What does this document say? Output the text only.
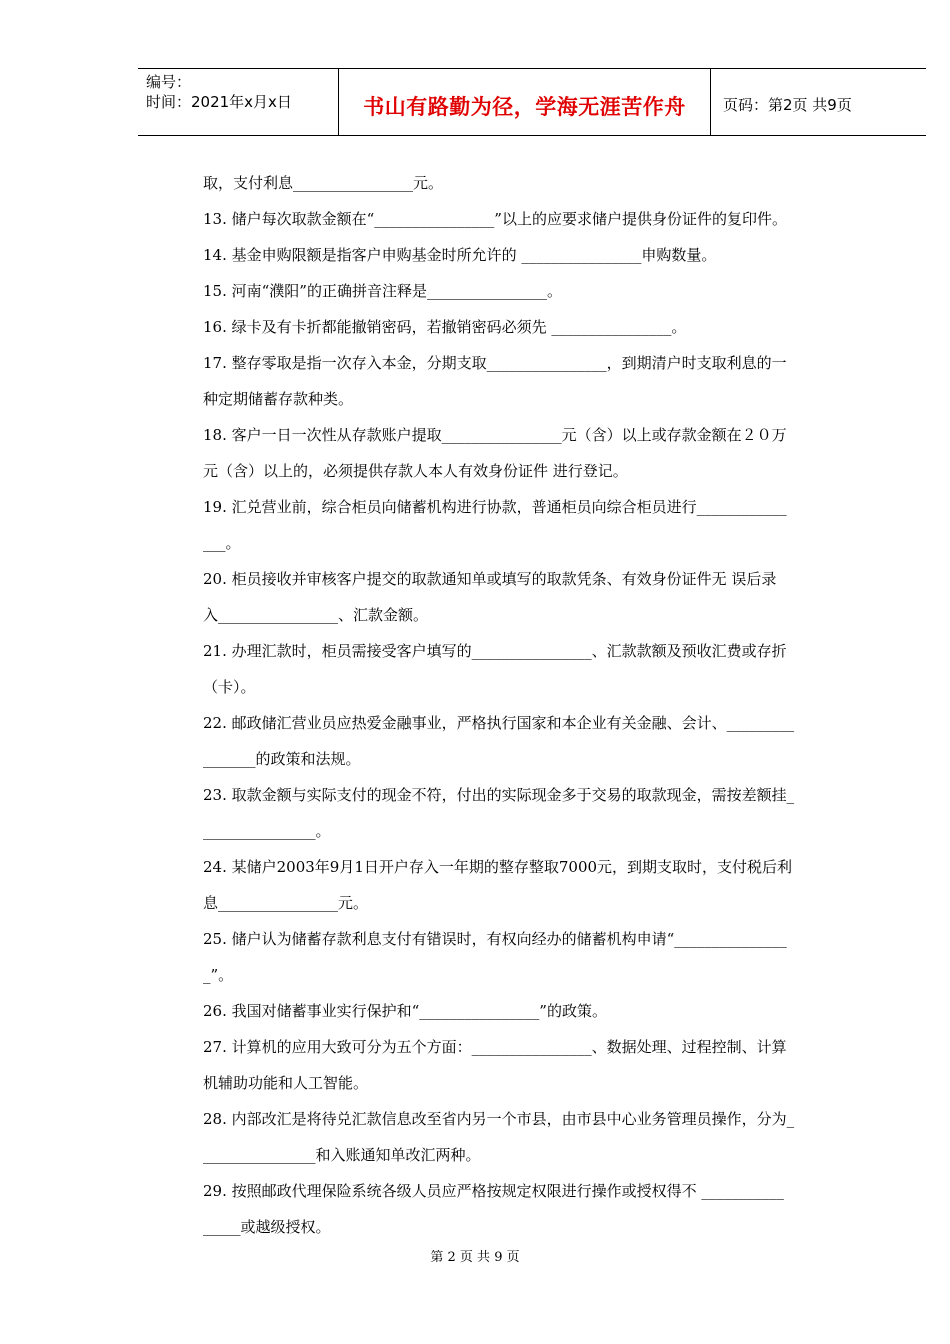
编号：
时间：2021年x月x日	书山有路勤为径，学海无涯苦作舟	页码：第2页 共9页
取，支付利息________________元。
13. 储户每次取款金额在“________________”以上的应要求储户提供身份证件的复印件。
14. 基金申购限额是指客户申购基金时所允许的 ________________申购数量。
15. 河南“濮阳”的正确拼音注释是________________。
16. 绿卡及有卡折都能撤销密码，若撤销密码必须先 ________________。
17. 整存零取是指一次存入本金，分期支取________________，到期清户时支取利息的一
种定期储蓄存款种类。
18. 客户一日一次性从存款账户提取________________元（含）以上或存款金额在２０万
元（含）以上的，必须提供存款人本人有效身份证件 进行登记。
19. 汇兑营业前，综合柜员向储蓄机构进行协款，普通柜员向综合柜员进行____________
___。
20. 柜员接收并审核客户提交的取款通知单或填写的取款凭条、有效身份证件无 误后录
入________________、汇款金额。
21. 办理汇款时，柜员需接受客户填写的________________、汇款款额及预收汇费或存折
（卡）。
22. 邮政储汇营业员应热爱金融事业，严格执行国家和本企业有关金融、会计、_________
_______的政策和法规。
23. 取款金额与实际支付的现金不符，付出的实际现金多于交易的取款现金，需按差额挂_
_______________。
24. 某储户2003年9月1日开户存入一年期的整存整取7000元，到期支取时，支付税后利
息________________元。
25. 储户认为储蓄存款利息支付有错误时，有权向经办的储蓄机构申请“_______________
_”。
26. 我国对储蓄事业实行保护和“________________”的政策。
27. 计算机的应用大致可分为五个方面：________________、数据处理、过程控制、计算
机辅助功能和人工智能。
28. 内部改汇是将待兑汇款信息改至省内另一个市县，由市县中心业务管理员操作，分为_
_______________和入账通知单改汇两种。
29. 按照邮政代理保险系统各级人员应严格按规定权限进行操作或授权得不 ___________
_____或越级授权。
第 2 页 共 9 页
